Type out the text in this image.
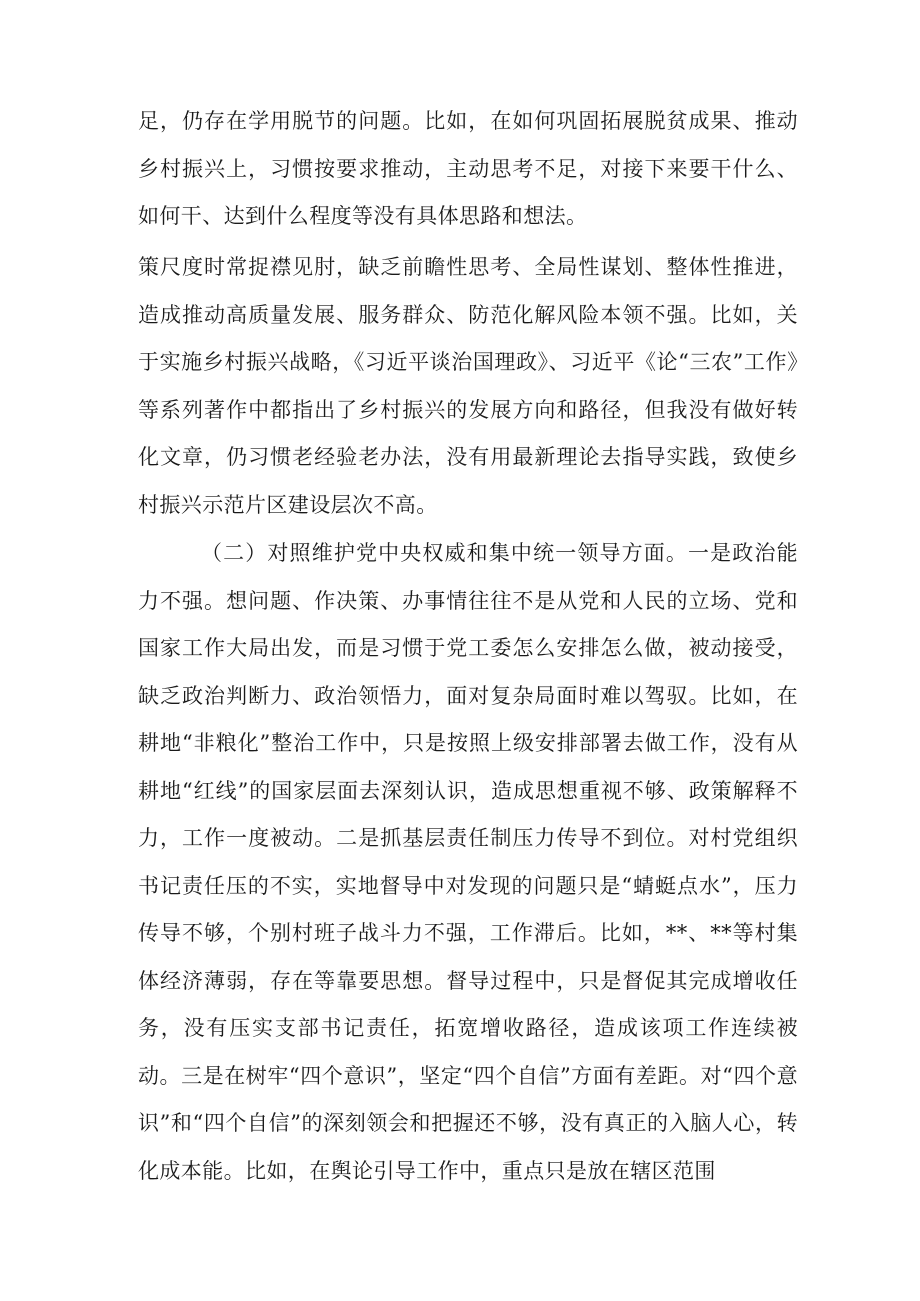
足，仍存在学用脱节的问题。比如，在如何巩固拓展脱贫成果、推动乡村振兴上，习惯按要求推动，主动思考不足，对接下来要干什么、如何干、达到什么程度等没有具体思路和想法。

策尺度时常捉襟见肘，缺乏前瞻性思考、全局性谋划、整体性推进，造成推动高质量发展、服务群众、防范化解风险本领不强。比如，关于实施乡村振兴战略，《习近平谈治国理政》、习近平《论“三农”工作》等系列著作中都指出了乡村振兴的发展方向和路径，但我没有做好转化文章，仍习惯老经验老办法，没有用最新理论去指导实践，致使乡村振兴示范片区建设层次不高。

（二）对照维护党中央权威和集中统一领导方面。一是政治能力不强。想问题、作决策、办事情往往不是从党和人民的立场、党和国家工作大局出发，而是习惯于党工委怎么安排怎么做，被动接受，缺乏政治判断力、政治领悟力，面对复杂局面时难以驾驭。比如，在耕地“非粮化”整治工作中，只是按照上级安排部署去做工作，没有从耕地“红线”的国家层面去深刻认识，造成思想重视不够、政策解释不力，工作一度被动。二是抓基层责任制压力传导不到位。对村党组织书记责任压的不实，实地督导中对发现的问题只是“蜻蜓点水”，压力传导不够，个别村班子战斗力不强，工作滞后。比如，**、**等村集体经济薄弱，存在等靠要思想。督导过程中，只是督促其完成增收任务，没有压实支部书记责任，拓宽增收路径，造成该项工作连续被动。三是在树牢“四个意识”，坚定“四个自信”方面有差距。对“四个意识”和“四个自信”的深刻领会和把握还不够，没有真正的入脑人心，转化成本能。比如，在舆论引导工作中，重点只是放在辖区范围
